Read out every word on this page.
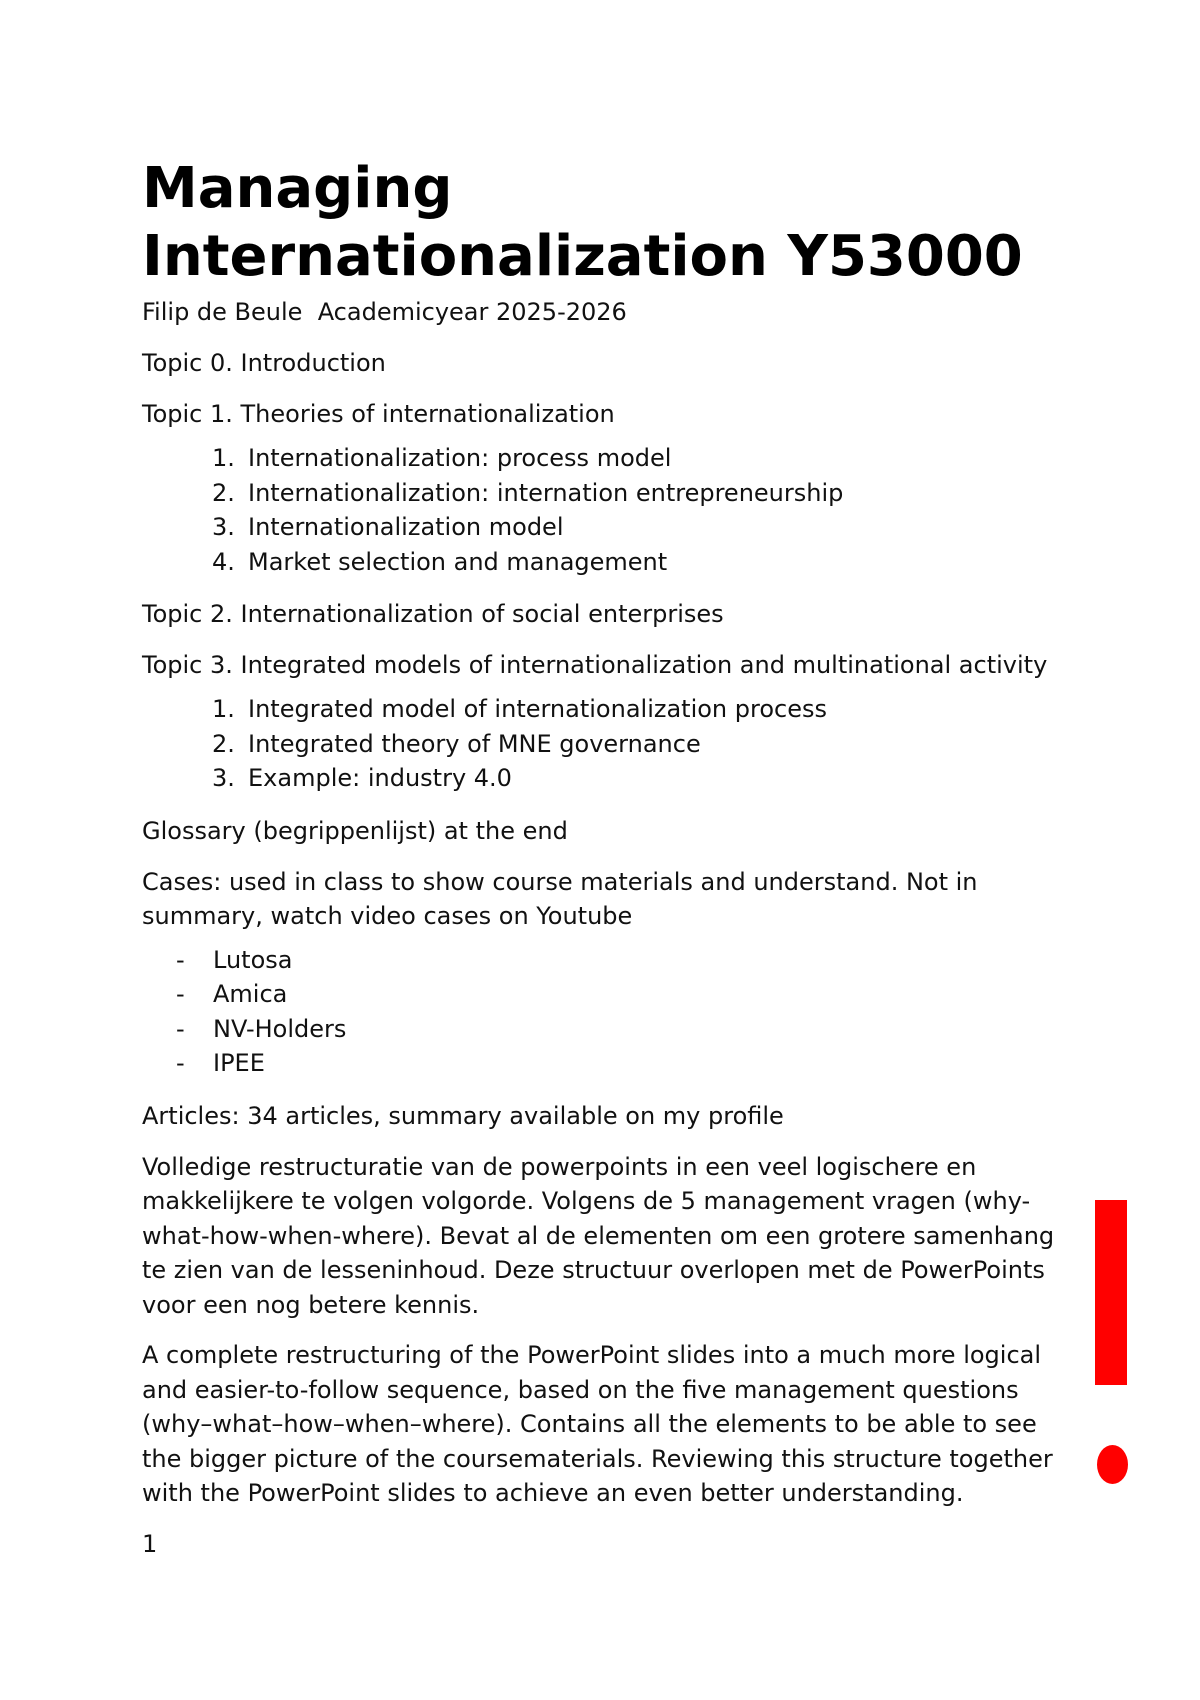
Managing Internationalization Y53000
Filip de Beule  Academicyear 2025-2026
Topic 0. Introduction
Topic 1. Theories of internationalization
1. Internationalization: process model
2. Internationalization: internation entrepreneurship
3. Internationalization model
4. Market selection and management
Topic 2. Internationalization of social enterprises
Topic 3. Integrated models of internationalization and multinational activity
1. Integrated model of internationalization process
2. Integrated theory of MNE governance
3. Example: industry 4.0
Glossary (begrippenlijst) at the end
Cases: used in class to show course materials and understand. Not in summary, watch video cases on Youtube
-	Lutosa
-	Amica
-	NV-Holders
-	IPEE
Articles: 34 articles, summary available on my profile
Volledige restructuratie van de powerpoints in een veel logischere en makkelijkere te volgen volgorde. Volgens de 5 management vragen (why-what-how-when-where). Bevat al de elementen om een grotere samenhang te zien van de lesseninhoud. Deze structuur overlopen met de PowerPoints voor een nog betere kennis.
A complete restructuring of the PowerPoint slides into a much more logical and easier-to-follow sequence, based on the five management questions (why–what–how–when–where). Contains all the elements to be able to see the bigger picture of the coursematerials. Reviewing this structure together with the PowerPoint slides to achieve an even better understanding.
1
